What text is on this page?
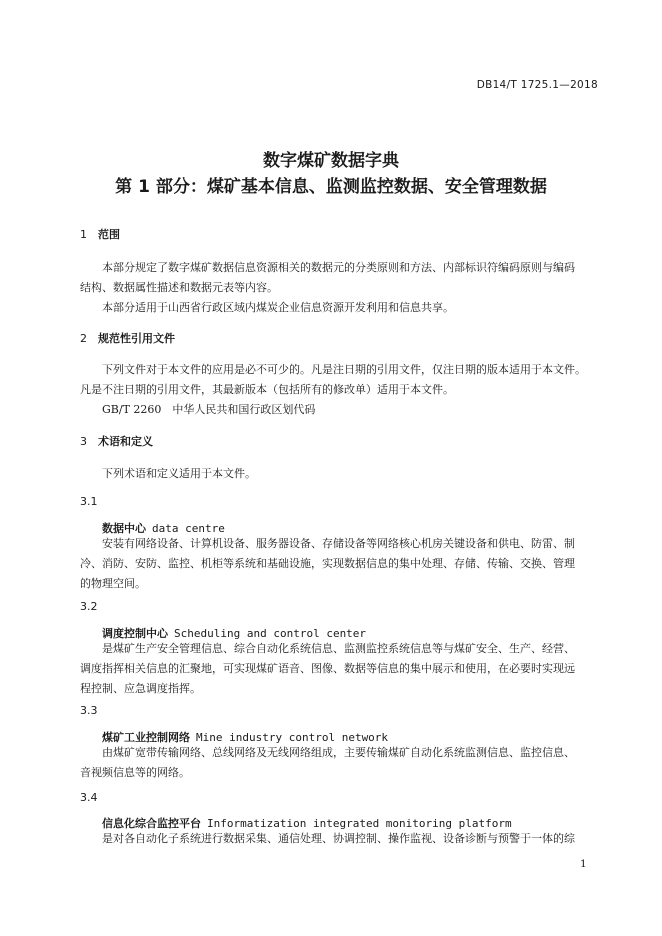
DB14/T 1725.1—2018
数字煤矿数据字典
第 1 部分：煤矿基本信息、监测监控数据、安全管理数据
1 范围
本部分规定了数字煤矿数据信息资源相关的数据元的分类原则和方法、内部标识符编码原则与编码
结构、数据属性描述和数据元表等内容。
本部分适用于山西省行政区域内煤炭企业信息资源开发利用和信息共享。
2 规范性引用文件
下列文件对于本文件的应用是必不可少的。凡是注日期的引用文件，仅注日期的版本适用于本文件。
凡是不注日期的引用文件，其最新版本（包括所有的修改单）适用于本文件。
GB/T 2260　中华人民共和国行政区划代码
3 术语和定义
下列术语和定义适用于本文件。
3.1
数据中心 data centre
安装有网络设备、计算机设备、服务器设备、存储设备等网络核心机房关键设备和供电、防雷、制
冷、消防、安防、监控、机柜等系统和基础设施，实现数据信息的集中处理、存储、传输、交换、管理
的物理空间。
3.2
调度控制中心 Scheduling and control center
是煤矿生产安全管理信息、综合自动化系统信息、监测监控系统信息等与煤矿安全、生产、经营、
调度指挥相关信息的汇聚地，可实现煤矿语音、图像、数据等信息的集中展示和使用，在必要时实现远
程控制、应急调度指挥。
3.3
煤矿工业控制网络 Mine industry control network
由煤矿宽带传输网络、总线网络及无线网络组成，主要传输煤矿自动化系统监测信息、监控信息、
音视频信息等的网络。
3.4
信息化综合监控平台 Informatization integrated monitoring platform
是对各自动化子系统进行数据采集、通信处理、协调控制、操作监视、设备诊断与预警于一体的综
1
